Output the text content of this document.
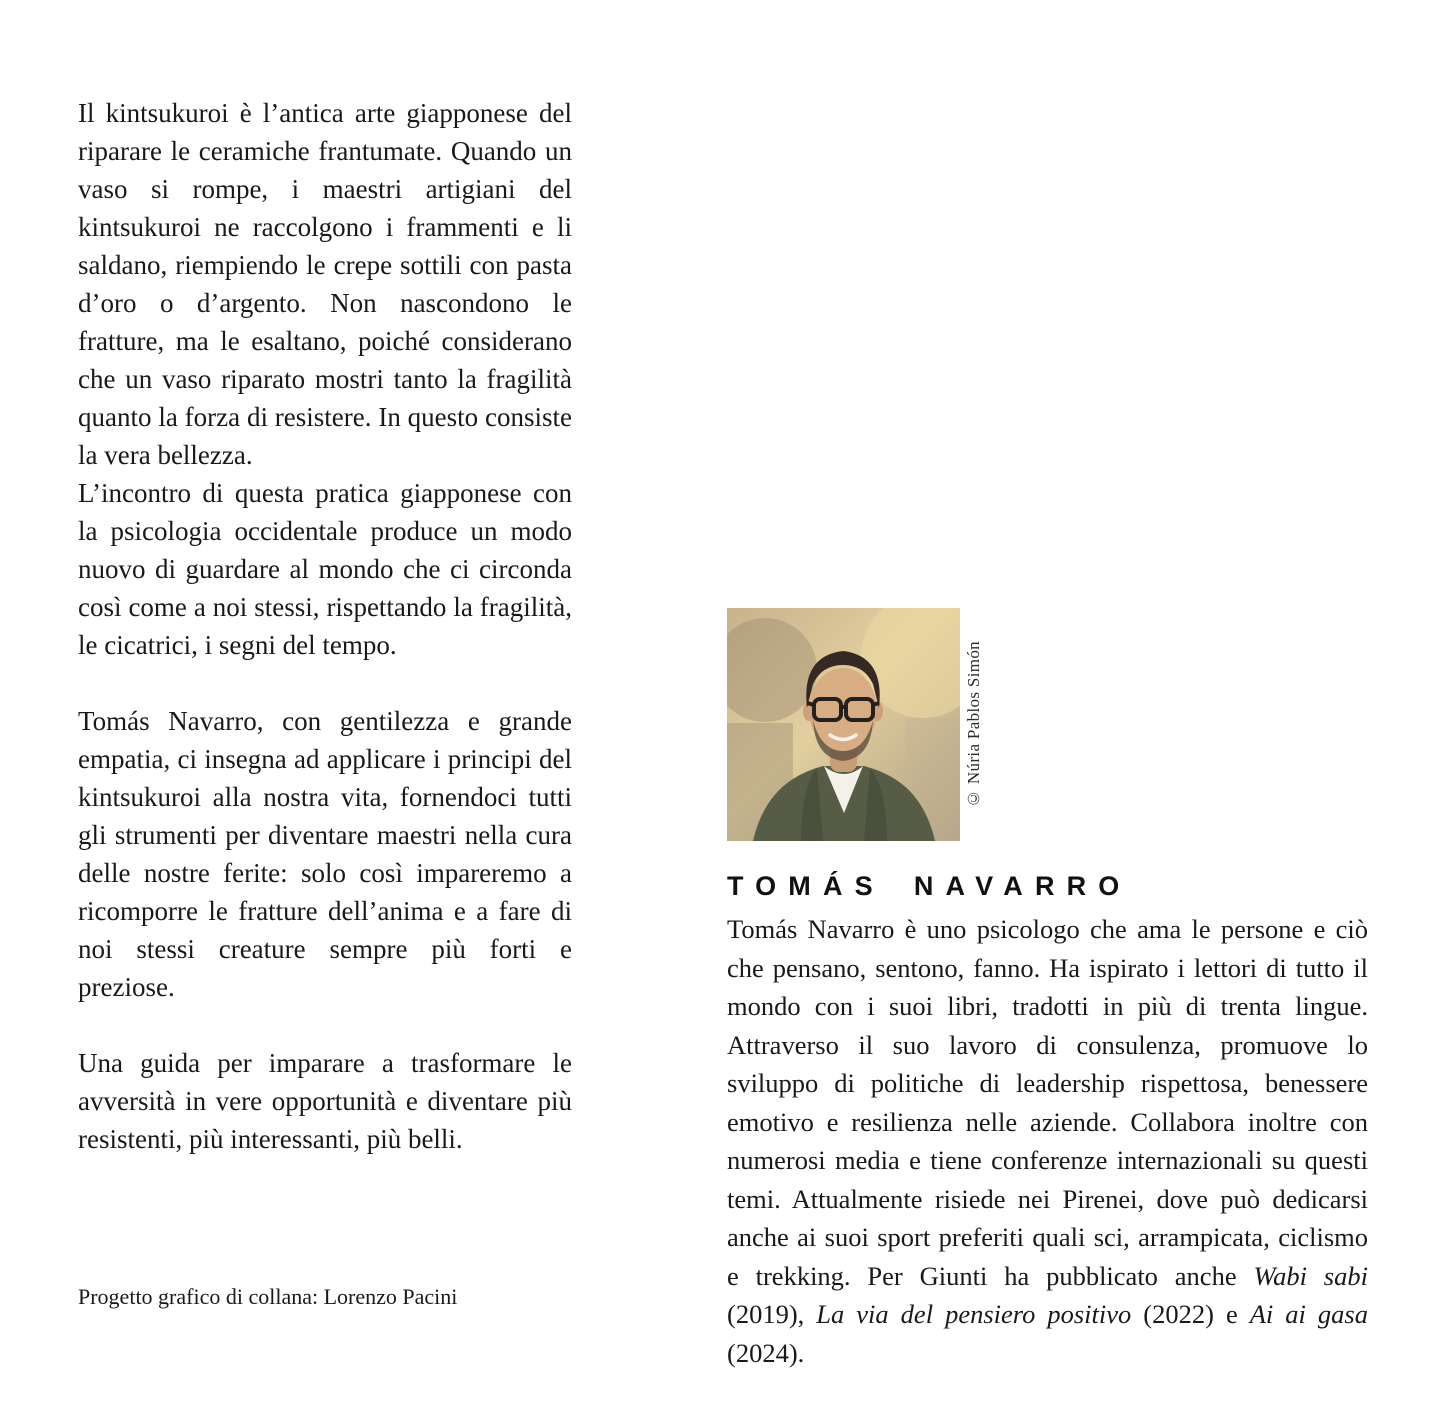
Il kintsukuroi è l’antica arte giapponese del riparare le ceramiche frantumate. Quando un vaso si rompe, i maestri artigiani del kintsukuroi ne raccolgono i frammenti e li saldano, riempiendo le crepe sottili con pasta d’oro o d’argento. Non nascondono le fratture, ma le esaltano, poiché considerano che un vaso riparato mostri tanto la fragilità quanto la forza di resistere. In questo consiste la vera bellezza.

L’incontro di questa pratica giapponese con la psicologia occidentale produce un modo nuovo di guardare al mondo che ci circonda così come a noi stessi, rispettando la fragilità, le cicatrici, i segni del tempo.

Tomás Navarro, con gentilezza e grande empatia, ci insegna ad applicare i principi del kintsukuroi alla nostra vita, fornendoci tutti gli strumenti per diventare maestri nella cura delle nostre ferite: solo così impareremo a ricomporre le fratture dell’anima e a fare di noi stessi creature sempre più forti e preziose.

Una guida per imparare a trasformare le avversità in vere opportunità e diventare più resistenti, più interessanti, più belli.

Progetto grafico di collana: Lorenzo Pacini
© Núria Pablos Simón
TOMÁS NAVARRO

Tomás Navarro è uno psicologo che ama le persone e ciò che pensano, sentono, fanno. Ha ispirato i lettori di tutto il mondo con i suoi libri, tradotti in più di trenta lingue. Attraverso il suo lavoro di consulenza, promuove lo sviluppo di politiche di leadership rispettosa, benessere emotivo e resilienza nelle aziende. Collabora inoltre con numerosi media e tiene conferenze internazionali su questi temi. Attualmente risiede nei Pirenei, dove può dedicarsi anche ai suoi sport preferiti quali sci, arrampicata, ciclismo e trekking. Per Giunti ha pubblicato anche Wabi sabi (2019), La via del pensiero positivo (2022) e Ai ai gasa (2024).
